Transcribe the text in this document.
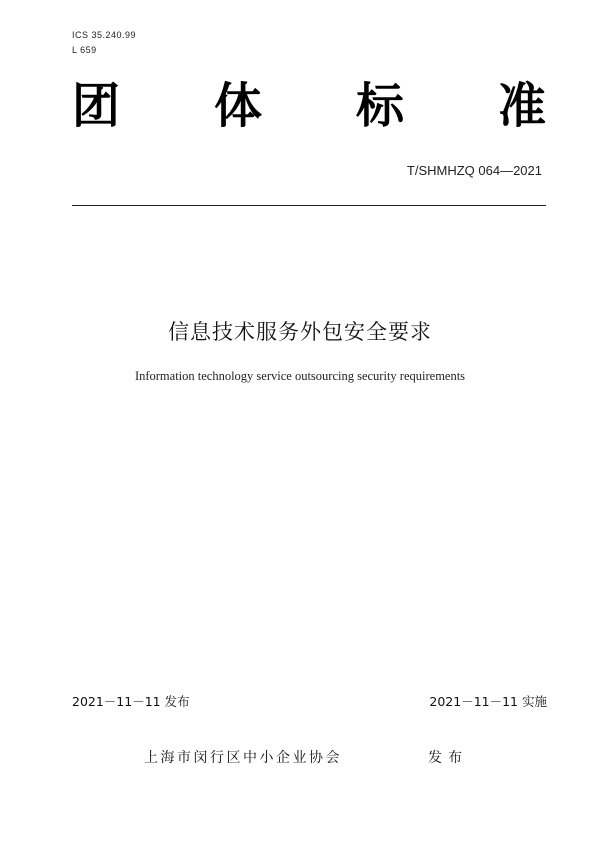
ICS 35.240.99
L 659
团 体 标 准
T/SHMHZQ 064—2021
信息技术服务外包安全要求
Information technology service outsourcing security requirements
2021－11－11 发布	2021－11－11 实施
上海市闵行区中小企业协会	发布
